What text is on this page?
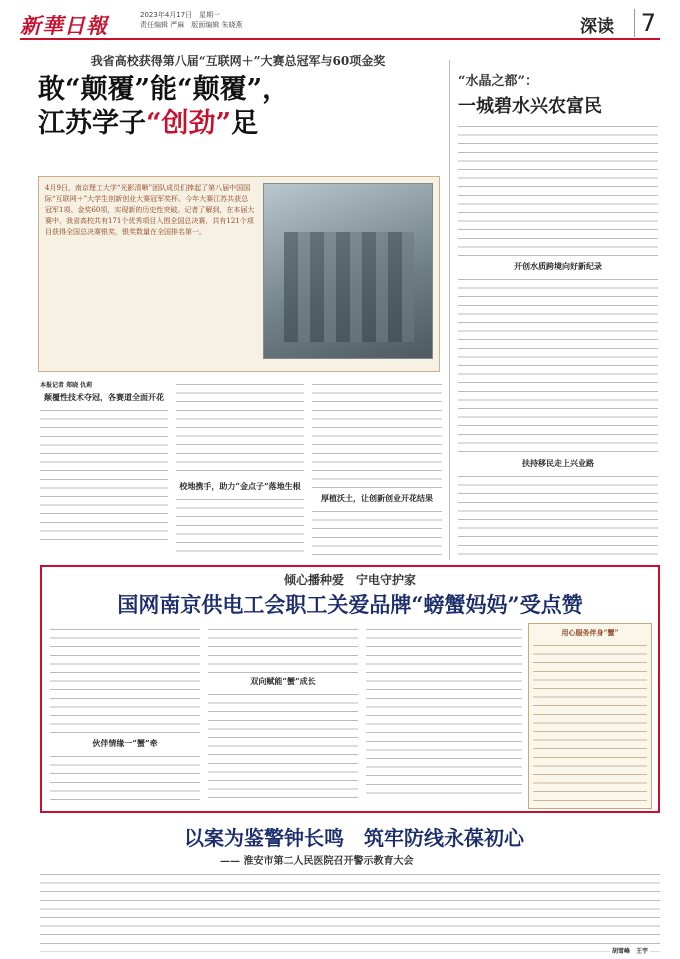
新華日報	2023年4月17日　星期一
责任编辑 严麻　版面编辑 朱晓燕	深读 7
我省高校获得第八届“互联网＋”大赛总冠军与60项金奖
敢“颠覆”能“颠覆”，
江苏学子“创劲”足
4月9日，南京理工大学“光影清晰”团队成员们捧起了第八届中国国际“互联网＋”大学生创新创业大赛冠军奖杯。今年大赛江苏共获总冠军1项、金奖60项，实现新的历史性突破。记者了解到，在本届大赛中，我省高校共有171个优秀项目入围全国总决赛，共有121个项目获得全国总决赛银奖，银奖数量在全国排名第一。
本报记者 郑晓 仇莉
颠覆性技术夺冠，各赛道全面开花
校地携手，助力“金点子”落地生根
厚植沃土，让创新创业开花结果
“水晶之都”：
一城碧水兴农富民
开创水质跨境向好新纪录
扶持移民走上兴业路
倾心播种爱　宁电守护家
国网南京供电工会职工关爱品牌“螃蟹妈妈”受点赞
伙伴情缘一“蟹”牵
双向赋能“蟹”成长
用心服务伴身“蟹”
以案为鉴警钟长鸣　筑牢防线永葆初心
—— 淮安市第二人民医院召开警示教育大会
胡雪峰　王宇
